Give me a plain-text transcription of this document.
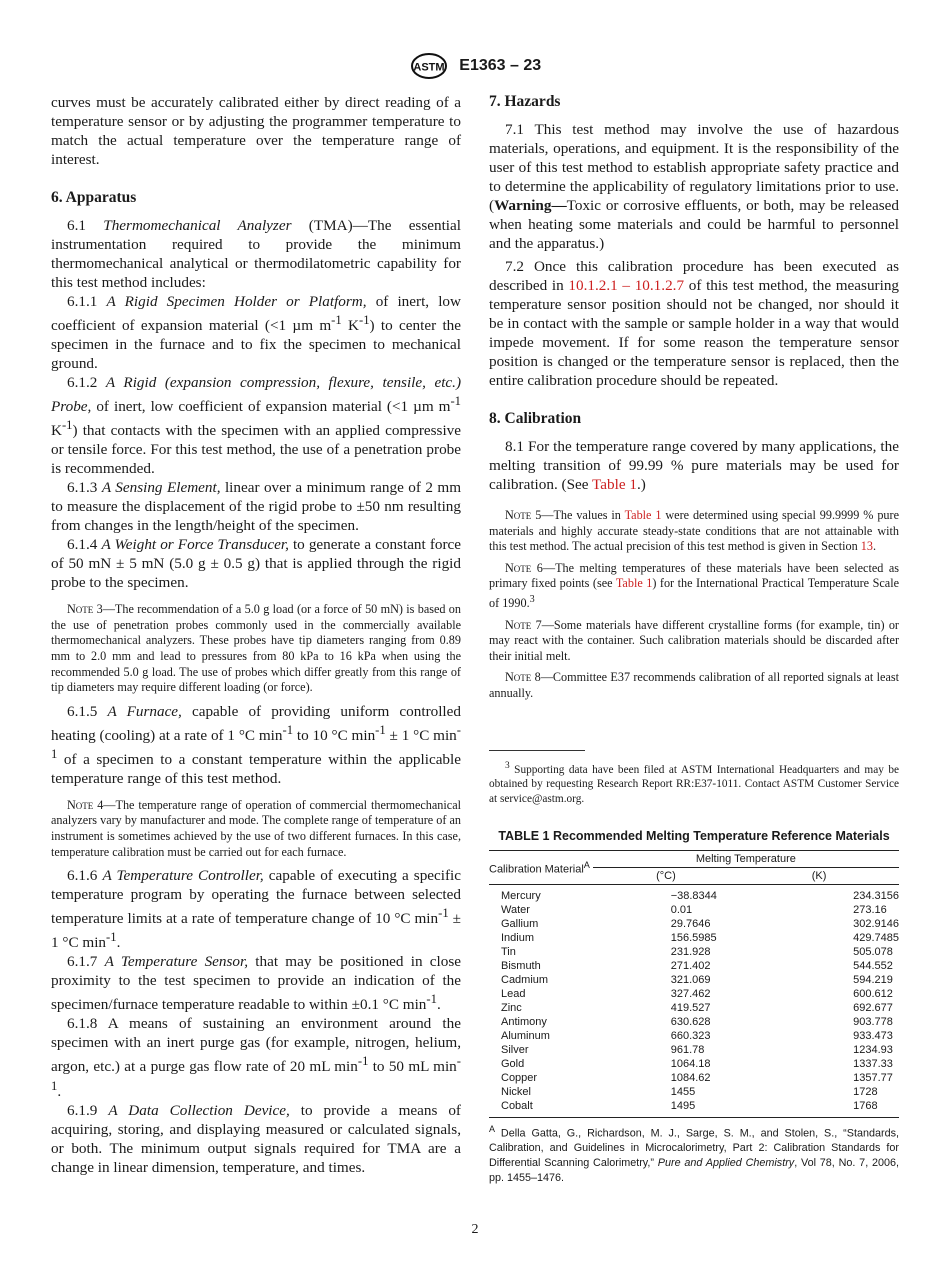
ASTM E1363 – 23

curves must be accurately calibrated either by direct reading of a temperature sensor or by adjusting the programmer temperature to match the actual temperature over the temperature range of interest.

6. Apparatus

6.1 Thermomechanical Analyzer (TMA)—The essential instrumentation required to provide the minimum thermomechanical analytical or thermodilatometric capability for this test method includes:

6.1.1 A Rigid Specimen Holder or Platform, of inert, low coefficient of expansion material (<1 µm $m^{-1}$ $K^{-1}$) to center the specimen in the furnace and to fix the specimen to mechanical ground.

6.1.2 A Rigid (expansion compression, flexure, tensile, etc.) Probe, of inert, low coefficient of expansion material (<1 µm $m^{-1}$ $K^{-1}$) that contacts with the specimen with an applied compressive or tensile force. For this test method, the use of a penetration probe is recommended.

6.1.3 A Sensing Element, linear over a minimum range of 2 mm to measure the displacement of the rigid probe to ±50 nm resulting from changes in the length/height of the specimen.

6.1.4 A Weight or Force Transducer, to generate a constant force of 50 mN ± 5 mN (5.0 g ± 0.5 g) that is applied through the rigid probe to the specimen.

Note 3—The recommendation of a 5.0 g load (or a force of 50 mN) is based on the use of penetration probes commonly used in the commercially available thermomechanical analyzers. These probes have tip diameters ranging from 0.89 mm to 2.0 mm and lead to pressures from 80 kPa to 16 kPa when using the recommended 5.0 g load. The use of probes which differ greatly from this range of tip diameters may require different loading (or force).

6.1.5 A Furnace, capable of providing uniform controlled heating (cooling) at a rate of 1 °C $\min^{-1}$ to 10 °C $\min^{-1} \pm 1$ °C $\min^{-1}$ of a specimen to a constant temperature within the applicable temperature range of this test method.

Note 4—The temperature range of operation of commercial thermomechanical analyzers vary by manufacturer and mode. The complete range of temperature of an instrument is sometimes achieved by the use of two different furnaces. In this case, temperature calibration must be carried out for each furnace.

6.1.6 A Temperature Controller, capable of executing a specific temperature program by operating the furnace between selected temperature limits at a rate of temperature change of 10 °C $\min^{-1} \pm 1$ °C $\min^{-1}$.

6.1.7 A Temperature Sensor, that may be positioned in close proximity to the test specimen to provide an indication of the specimen/furnace temperature readable to within ±0.1 °C $\min^{-1}$.

6.1.8 A means of sustaining an environment around the specimen with an inert purge gas (for example, nitrogen, helium, argon, etc.) at a purge gas flow rate of 20 mL $\min^{-1}$ to 50 mL $\min^{-1}$.

6.1.9 A Data Collection Device, to provide a means of acquiring, storing, and displaying measured or calculated signals, or both. The minimum output signals required for TMA are a change in linear dimension, temperature, and times.

7. Hazards

7.1 This test method may involve the use of hazardous materials, operations, and equipment. It is the responsibility of the user of this test method to establish appropriate safety practice and to determine the applicability of regulatory limitations prior to use. (Warning—Toxic or corrosive effluents, or both, may be released when heating some materials and could be harmful to personnel and the apparatus.)

7.2 Once this calibration procedure has been executed as described in 10.1.2.1 – 10.1.2.7 of this test method, the measuring temperature sensor position should not be changed, nor should it be in contact with the sample or sample holder in a way that would impede movement. If for some reason the temperature sensor position is changed or the temperature sensor is replaced, then the entire calibration procedure should be repeated.

8. Calibration

8.1 For the temperature range covered by many applications, the melting transition of 99.99 % pure materials may be used for calibration. (See Table 1.)

Note 5—The values in Table 1 were determined using special 99.9999 % pure materials and highly accurate steady-state conditions that are not attainable with this test method. The actual precision of this test method is given in Section 13.

Note 6—The melting temperatures of these materials have been selected as primary fixed points (see Table 1) for the International Practical Temperature Scale of 1990.$^3$

Note 7—Some materials have different crystalline forms (for example, tin) or may react with the container. Such calibration materials should be discarded after their initial melt.

Note 8—Committee E37 recommends calibration of all reported signals at least annually.

$^3$ Supporting data have been filed at ASTM International Headquarters and may be obtained by requesting Research Report RR:E37-1011. Contact ASTM Customer Service at service@astm.org.

TABLE 1 Recommended Melting Temperature Reference Materials
Calibration Material$^A$	Melting Temperature	
	(°C)	(K)
Mercury	−38.8344	234.3156
Water	0.01	273.16
Gallium	29.7646	302.9146
Indium	156.5985	429.7485
Tin	231.928	505.078
Bismuth	271.402	544.552
Cadmium	321.069	594.219
Lead	327.462	600.612
Zinc	419.527	692.677
Antimony	630.628	903.778
Aluminum	660.323	933.473
Silver	961.78	1234.93
Gold	1064.18	1337.33
Copper	1084.62	1357.77
Nickel	1455	1728
Cobalt	1495	1768
$^A$ Della Gatta, G., Richardson, M. J., Sarge, S. M., and Stolen, S., “Standards, Calibration, and Guidelines in Microcalorimetry, Part 2: Calibration Standards for Differential Scanning Calorimetry,” Pure and Applied Chemistry, Vol 78, No. 7, 2006, pp. 1455–1476.
2
